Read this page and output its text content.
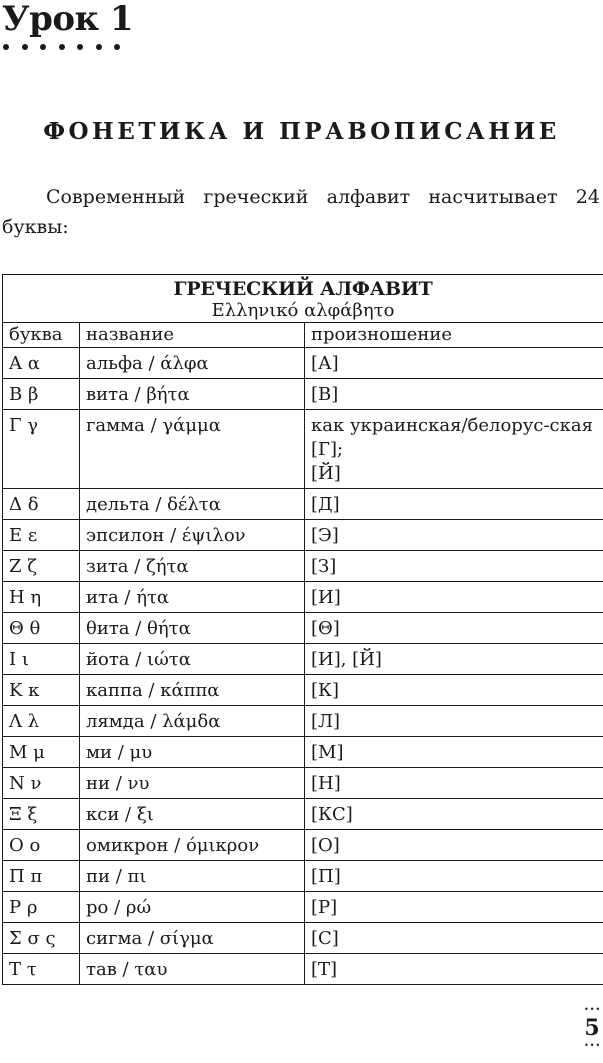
Урок 1
ФОНЕТИКА И ПРАВОПИСАНИЕ

Современный греческий алфавит насчитывает 24 буквы:

ГРЕЧЕСКИЙ АЛФАВИТ
Ελληνικό αλφάβητο		

буква	название	произношение
Α α	альфа / άλφα	[А]
Β β	вита / βήτα	[В]
Γ γ	гамма / γάμμα	как украинская/белорус-ская [Г];
[Й]
Δ δ	дельта / δέλτα	[Д]
Ε ε	эпсилон / έψιλον	[Э]
Ζ ζ	зита / ζήτα	[З]
Η η	ита / ήτα	[И]
Θ θ	θита / θήτα	[Θ]
Ι ι	йота / ιώτα	[И], [Й]
Κ κ	каппа / κάππα	[К]
Λ λ	лямда / λάμδα	[Л]
Μ μ	ми / μυ	[М]
Ν ν	ни / νυ	[Н]
Ξ ξ	кси / ξι	[КС]
Ο ο	омикрон / όμικρον	[О]
Π π	пи / πι	[П]
Ρ ρ	ро / ρώ	[Р]
Σ σ ς	сигма / σίγμα	[С]
Τ τ	тав / ταυ	[Т]
•••
5
•••
